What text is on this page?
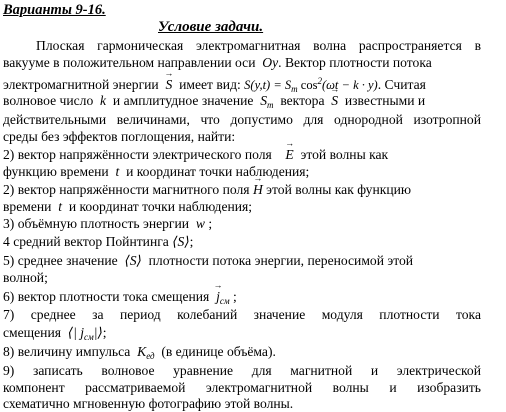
Варианты 9-16.
Условие задачи.
Плоская гармоническая электромагнитная волна распространяется в
вакууме в положительном направлении оси Oy. Вектор плотности потока
электромагнитной энергии → S имеет вид: $S(y,t) = S_m$ $\cos^2(\omega t - k \cdot y)$. Считая
волновое число k и амплитудное значение $S_m$ вектора → S известными и
действительными величинами, что допустимо для однородной изотропной
среды без эффектов поглощения, найти:
2) вектор напряжённости электрического поля → E этой волны как
функцию времени t и координат точки наблюдения;
2) вектор напряжённости магнитного поля → H этой волны как функцию
времени t и координат точки наблюдения;
3) объёмную плотность энергии w ;
4 средний вектор Пойнтинга ⟨S⟩;
5) среднее значение ⟨S⟩ плотности потока энергии, переносимой этой
волной;
6) вектор плотности тока смещения → $j_{см}$ ;
7) среднее за период колебаний значение модуля плотности тока
смещения ⟨| $j_{см}|⟩$;
8) величину импульса $K_{ед}$ (в единице объёма).
9) записать волновое уравнение для магнитной и электрической
компонент рассматриваемой электромагнитной волны и изобразить
схематично мгновенную фотографию этой волны.
